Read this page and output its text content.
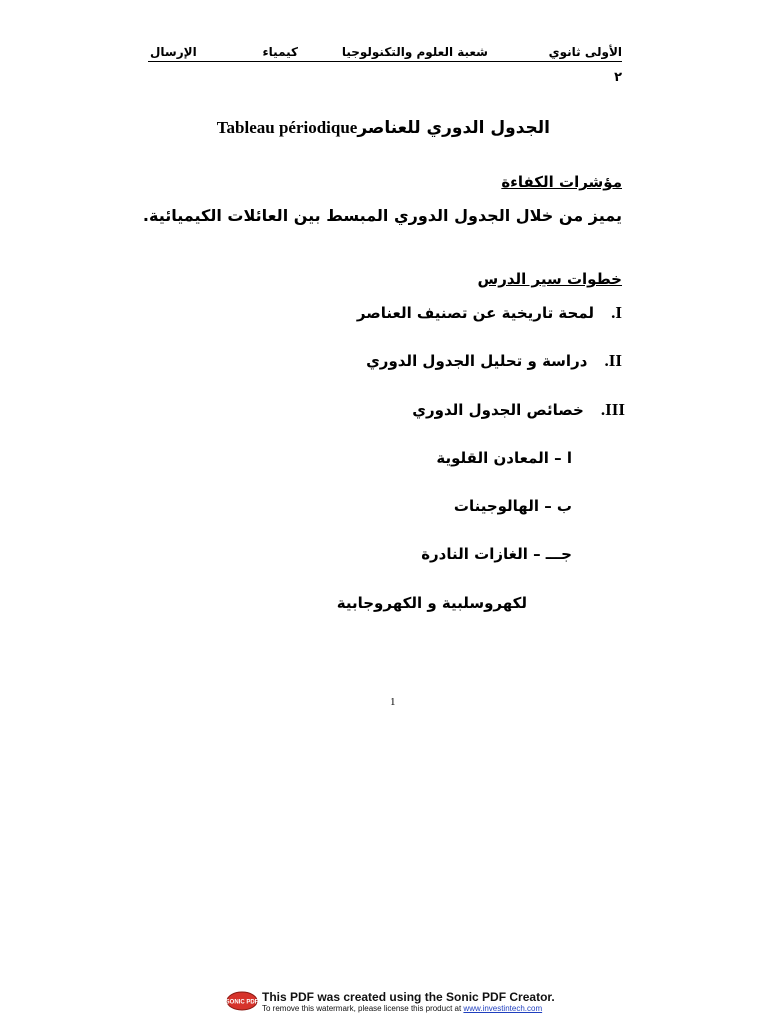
الأولى ثانوي
شعبة العلوم والتكنولوجيا
كيمياء
الإرسال
٢
Tableau périodiqueالجدول الدوري للعناصر
مؤشرات الكفاءة
يميز من خلال الجدول الدوري المبسط بين العائلات الكيميائية.
خطوات سير الدرس
I. لمحة تاريخية عن تصنيف العناصر
II. دراسة و تحليل الجدول الدوري
III. خصائص الجدول الدوري
ا – المعادن القلوية
ب – الهالوجينات
جـــ – الغازات النادرة
لكهروسلبية و الكهروجابية
1
SONIC PDF This PDF was created using the Sonic PDF Creator.
To remove this watermark, please license this product at www.investintech.com
